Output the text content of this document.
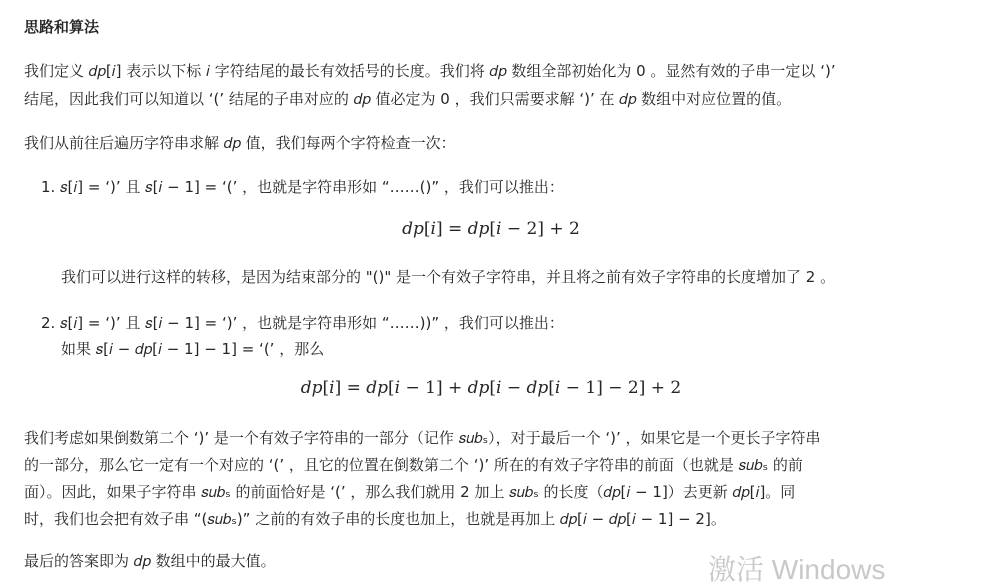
思路和算法
我们定义 𝑑𝑝[𝑖] 表示以下标 𝑖 字符结尾的最长有效括号的长度。我们将 𝑑𝑝 数组全部初始化为 0 。显然有效的子串一定以 ‘)’
结尾，因此我们可以知道以 ‘(’ 结尾的子串对应的 𝑑𝑝 值必定为 0 ，我们只需要求解 ‘)’ 在 𝑑𝑝 数组中对应位置的值。
我们从前往后遍历字符串求解 𝑑𝑝 值，我们每两个字符检查一次：
1. 𝑠[𝑖] = ‘)’ 且 𝑠[𝑖 − 1] = ‘(’ ，也就是字符串形如 “……()” ，我们可以推出：
𝑑𝑝[𝑖] = 𝑑𝑝[𝑖 − 2] + 2
我们可以进行这样的转移，是因为结束部分的 "()" 是一个有效子字符串，并且将之前有效子字符串的长度增加了 2 。
2. 𝑠[𝑖] = ‘)’ 且 𝑠[𝑖 − 1] = ‘)’ ，也就是字符串形如 “……))” ，我们可以推出：
如果 𝑠[𝑖 − 𝑑𝑝[𝑖 − 1] − 1] = ‘(’ ，那么
𝑑𝑝[𝑖] = 𝑑𝑝[𝑖 − 1] + 𝑑𝑝[𝑖 − 𝑑𝑝[𝑖 − 1] − 2] + 2
我们考虑如果倒数第二个 ‘)’ 是一个有效子字符串的一部分（记作 𝑠𝑢𝑏ₛ），对于最后一个 ‘)’ ，如果它是一个更长子字符串
的一部分，那么它一定有一个对应的 ‘(’ ，且它的位置在倒数第二个 ‘)’ 所在的有效子字符串的前面（也就是 𝑠𝑢𝑏ₛ 的前
面）。因此，如果子字符串 𝑠𝑢𝑏ₛ 的前面恰好是 ‘(’ ，那么我们就用 2 加上 𝑠𝑢𝑏ₛ 的长度（𝑑𝑝[𝑖 − 1]）去更新 𝑑𝑝[𝑖]。同
时，我们也会把有效子串 “(𝑠𝑢𝑏ₛ)” 之前的有效子串的长度也加上，也就是再加上 𝑑𝑝[𝑖 − 𝑑𝑝[𝑖 − 1] − 2]。
最后的答案即为 𝑑𝑝 数组中的最大值。	激活 Windows
